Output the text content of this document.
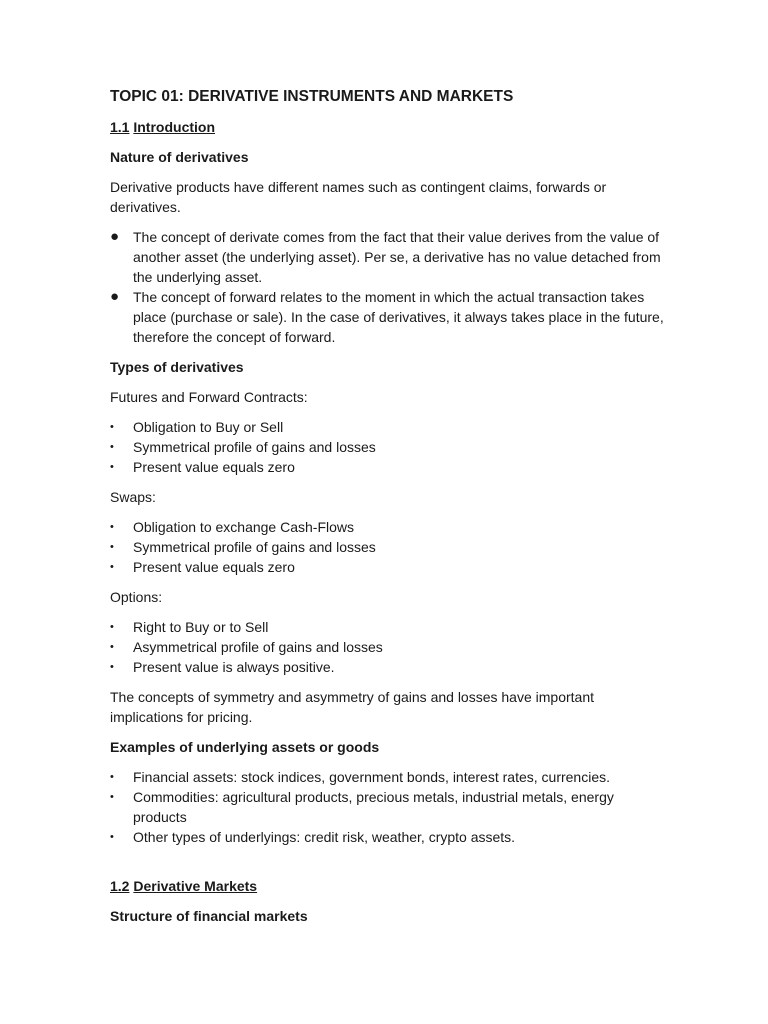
TOPIC 01: DERIVATIVE INSTRUMENTS AND MARKETS
1.1 Introduction
Nature of derivatives

Derivative products have different names such as contingent claims, forwards or derivatives.

● The concept of derivate comes from the fact that their value derives from the value of another asset (the underlying asset). Per se, a derivative has no value detached from the underlying asset.
● The concept of forward relates to the moment in which the actual transaction takes place (purchase or sale). In the case of derivatives, it always takes place in the future, therefore the concept of forward.
Types of derivatives

Futures and Forward Contracts:

•	Obligation to Buy or Sell
•	Symmetrical profile of gains and losses
•	Present value equals zero

Swaps:

•	Obligation to exchange Cash-Flows
•	Symmetrical profile of gains and losses
•	Present value equals zero

Options:

•	Right to Buy or to Sell
•	Asymmetrical profile of gains and losses
•	Present value is always positive.

The concepts of symmetry and asymmetry of gains and losses have important implications for pricing.

Examples of underlying assets or goods
•	Financial assets: stock indices, government bonds, interest rates, currencies.
•	Commodities: agricultural products, precious metals, industrial metals, energy products
•	Other types of underlyings: credit risk, weather, crypto assets.
1.2 Derivative Markets
Structure of financial markets
